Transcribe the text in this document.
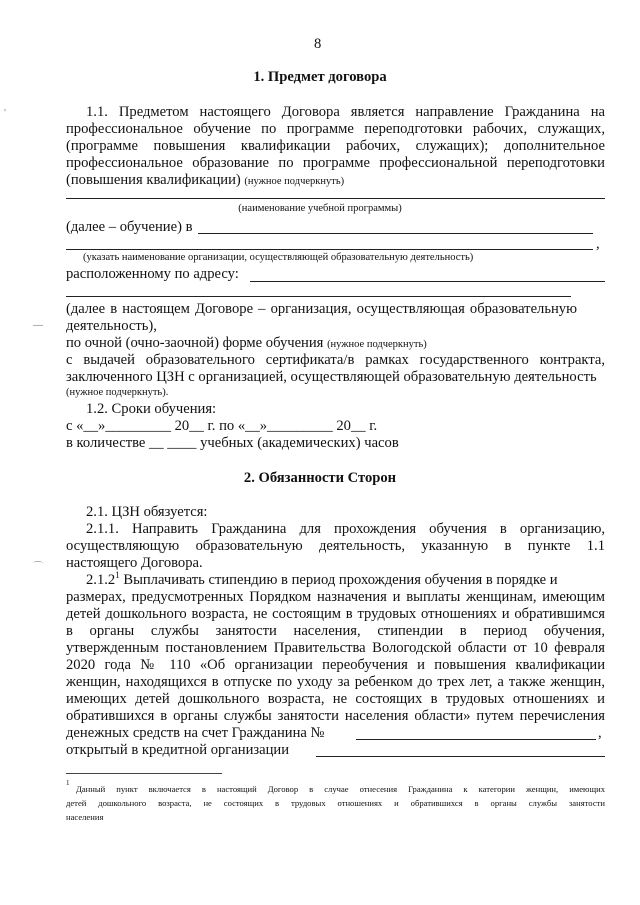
8
1. Предмет договора
1.1. Предметом настоящего Договора является направление Гражданина на
профессиональное обучение по программе переподготовки рабочих, служащих,
(программе повышения квалификации рабочих, служащих); дополнительное
профессиональное образование по программе профессиональной переподготовки
(повышения квалификации) (нужное подчеркнуть)
(наименование учебной программы)
(далее – обучение) в
,
(указать наименование организации, осуществляющей образовательную деятельность)
расположенному по адресу:
(далее в настоящем Договоре – организация, осуществляющая образовательную
деятельность),
по очной (очно-заочной) форме обучения (нужное подчеркнуть)
с выдачей образовательного сертификата/в рамках государственного контракта,
заключенного ЦЗН с организацией, осуществляющей образовательную деятельность
(нужное подчеркнуть).
1.2. Сроки обучения:
с «__»_________ 20__ г. по «__»_________ 20__ г.
в количестве __ ____ учебных (академических) часов
2. Обязанности Сторон
2.1. ЦЗН обязуется:
2.1.1. Направить Гражданина для прохождения обучения в организацию,
осуществляющую образовательную деятельность, указанную в пункте 1.1
настоящего Договора.
2.1.2$^1$ Выплачивать стипендию в период прохождения обучения в порядке и
размерах, предусмотренных Порядком назначения и выплаты женщинам, имеющим
детей дошкольного возраста, не состоящим в трудовых отношениях и обратившимся
в органы службы занятости населения, стипендии в период обучения,
утвержденным постановлением Правительства Вологодской области от 10 февраля
2020 года № 110 «Об организации переобучения и повышения квалификации
женщин, находящихся в отпуске по уходу за ребенком до трех лет, а также женщин,
имеющих детей дошкольного возраста, не состоящих в трудовых отношениях и
обратившихся в органы службы занятости населения области» путем перечисления
денежных средств на счет Гражданина №	,
открытый в кредитной организации
$^1$
Данный пункт включается в настоящий Договор в случае отнесения Гражданина к категории женщин, имеющих
детей дошкольного возраста, не состоящих в трудовых отношениях и обратившихся в органы службы занятости
населения
—
⌒
'
